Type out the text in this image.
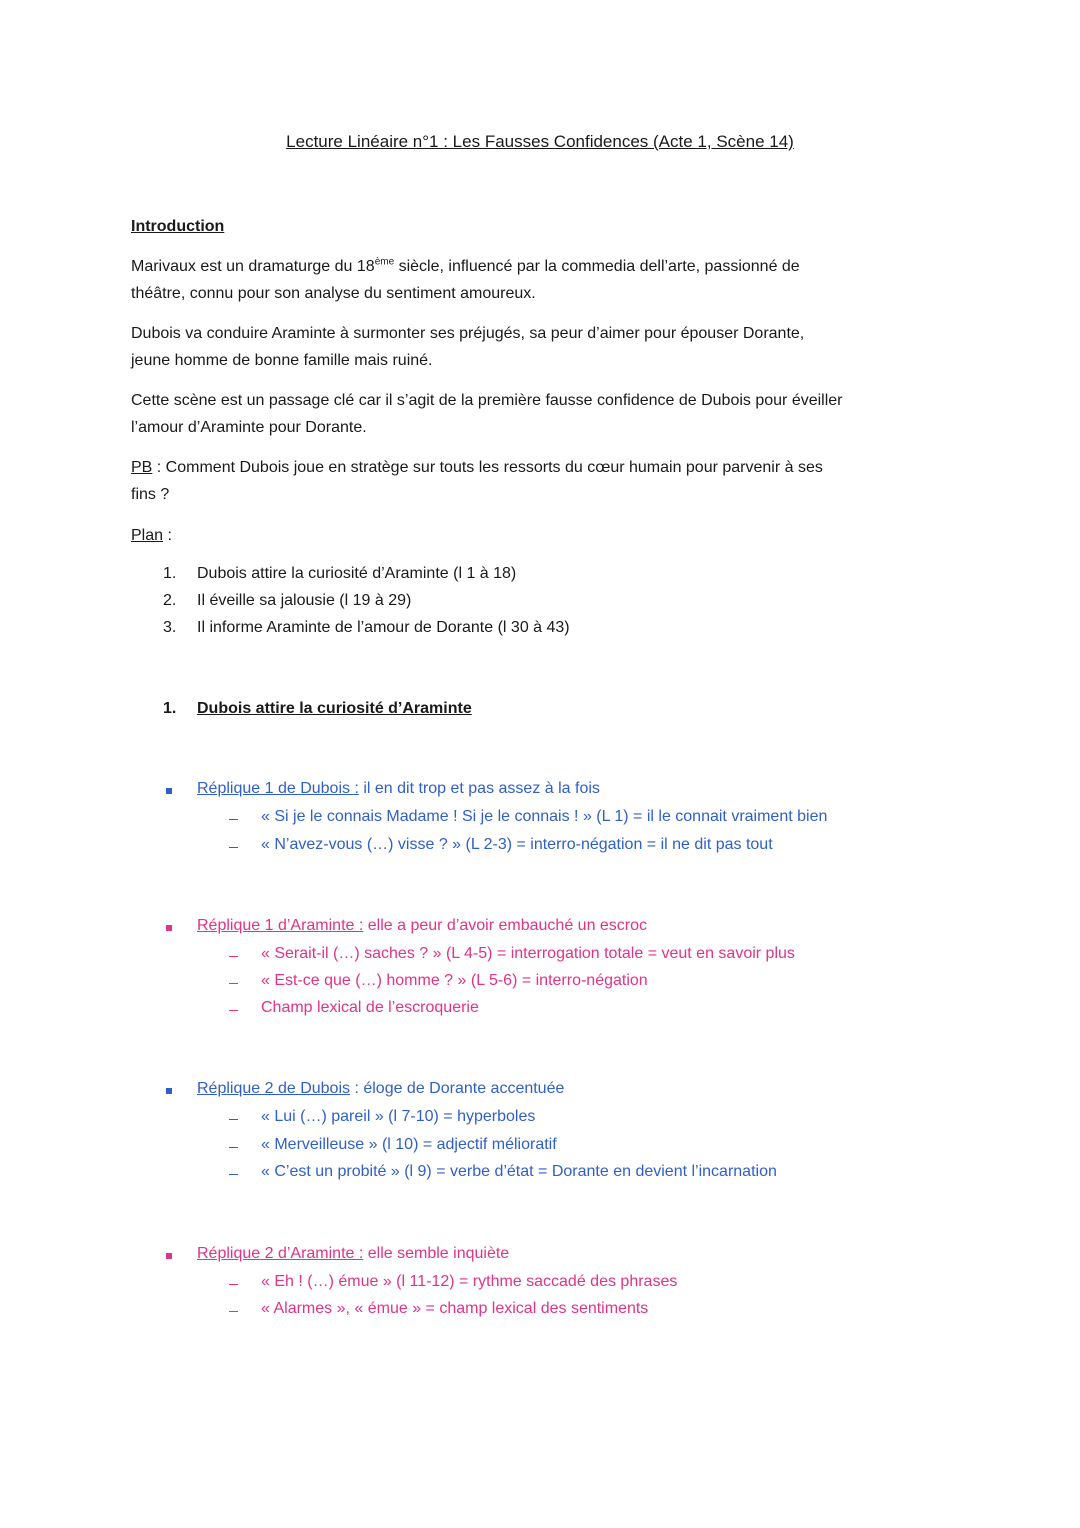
Lecture Linéaire n°1 : Les Fausses Confidences (Acte 1, Scène 14)
Introduction
Marivaux est un dramaturge du 18ème siècle, influencé par la commedia dell’arte, passionné de
théâtre, connu pour son analyse du sentiment amoureux.
Dubois va conduire Araminte à surmonter ses préjugés, sa peur d’aimer pour épouser Dorante,
jeune homme de bonne famille mais ruiné.
Cette scène est un passage clé car il s’agit de la première fausse confidence de Dubois pour éveiller
l’amour d’Araminte pour Dorante.
PB : Comment Dubois joue en stratège sur touts les ressorts du cœur humain pour parvenir à ses
fins ?
Plan :
1. Dubois attire la curiosité d’Araminte (l 1 à 18)
2. Il éveille sa jalousie (l 19 à 29)
3. Il informe Araminte de l’amour de Dorante (l 30 à 43)
1. Dubois attire la curiosité d’Araminte
Réplique 1 de Dubois : il en dit trop et pas assez à la fois
« Si je le connais Madame ! Si je le connais ! » (L 1) = il le connait vraiment bien
« N’avez-vous (…) visse ? » (L 2-3) = interro-négation = il ne dit pas tout
Réplique 1 d’Araminte : elle a peur d’avoir embauché un escroc
« Serait-il (…) saches ? » (L 4-5) = interrogation totale = veut en savoir plus
« Est-ce que (…) homme ? » (L 5-6) = interro-négation
Champ lexical de l’escroquerie
Réplique 2 de Dubois : éloge de Dorante accentuée
« Lui (…) pareil » (l 7-10) = hyperboles
« Merveilleuse » (l 10) = adjectif mélioratif
« C’est un probité » (l 9) = verbe d’état = Dorante en devient l’incarnation
Réplique 2 d’Araminte : elle semble inquiète
« Eh ! (…) émue » (l 11-12) = rythme saccadé des phrases
« Alarmes », « émue » = champ lexical des sentiments
